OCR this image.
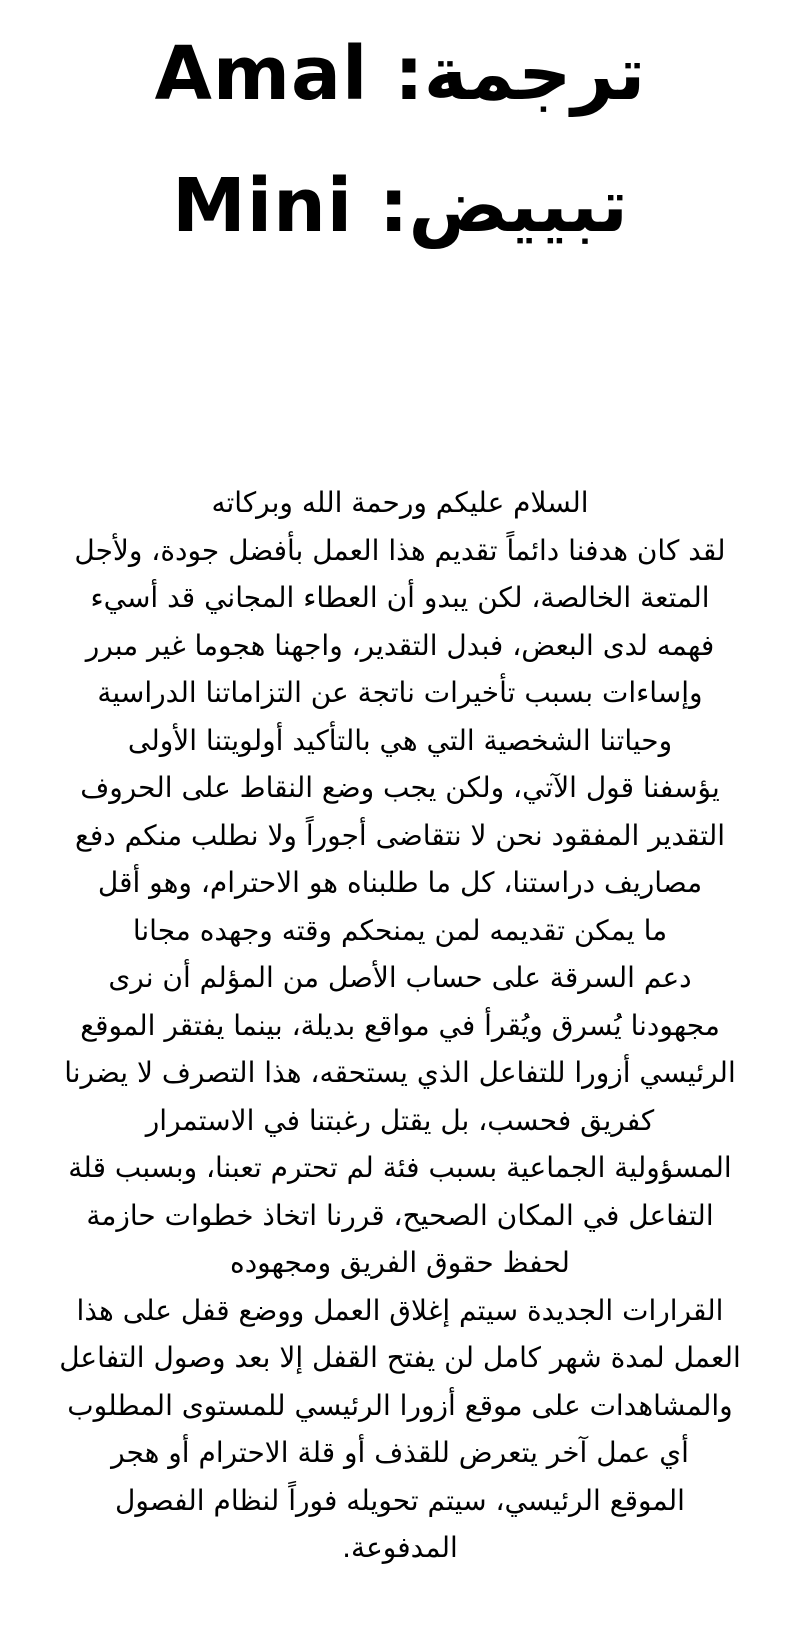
ترجمة: Amal
تبييض: Mini
السلام عليكم ورحمة الله وبركاته
لقد كان هدفنا دائماً تقديم هذا العمل بأفضل جودة، ولأجل
المتعة الخالصة، لكن يبدو أن العطاء المجاني قد أسيء
فهمه لدى البعض، فبدل التقدير، واجهنا هجوما غير مبرر
وإساءات بسبب تأخيرات ناتجة عن التزاماتنا الدراسية
وحياتنا الشخصية التي هي بالتأكيد أولويتنا الأولى
يؤسفنا قول الآتي، ولكن يجب وضع النقاط على الحروف
التقدير المفقود نحن لا نتقاضى أجوراً ولا نطلب منكم دفع
مصاريف دراستنا، كل ما طلبناه هو الاحترام، وهو أقل
ما يمكن تقديمه لمن يمنحكم وقته وجهده مجانا
دعم السرقة على حساب الأصل من المؤلم أن نرى
مجهودنا يُسرق ويُقرأ في مواقع بديلة، بينما يفتقر الموقع
الرئيسي أزورا للتفاعل الذي يستحقه، هذا التصرف لا يضرنا
كفريق فحسب، بل يقتل رغبتنا في الاستمرار
المسؤولية الجماعية بسبب فئة لم تحترم تعبنا، وبسبب قلة
التفاعل في المكان الصحيح، قررنا اتخاذ خطوات حازمة
لحفظ حقوق الفريق ومجهوده
القرارات الجديدة سيتم إغلاق العمل ووضع قفل على هذا
العمل لمدة شهر كامل لن يفتح القفل إلا بعد وصول التفاعل
والمشاهدات على موقع أزورا الرئيسي للمستوى المطلوب
أي عمل آخر يتعرض للقذف أو قلة الاحترام أو هجر
الموقع الرئيسي، سيتم تحويله فوراً لنظام الفصول
المدفوعة.
